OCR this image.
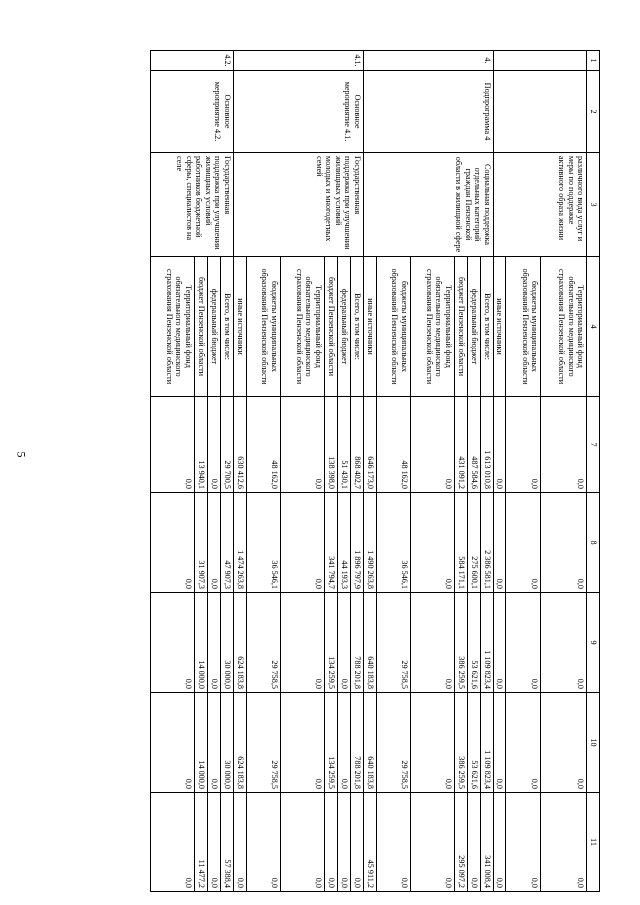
5
1	2	3	4	7	8	9	10	11
		различного вида услуг и меры по поддержке активного образа жизни	Территориальный фонд обязательного медицинского страхования Пензенской области	0,0	0,0	0,0	0,0	0,0
			бюджеты муниципальных образований Пензенской области	0,0	0,0	0,0	0,0	0,0
			иные источники	0,0	0,0	0,0	0,0	0,0
4.	Подпрограмма 4	Социальная поддержка отдельных категорий граждан Пензенской области в жилищной сфере	Всего, в том числе:	1 613 010,8	2 386 581,1	1 109 823,4	1 109 823,4	341 008,4
			федеральный бюджет	487 584,6	275 600,1	53 621,6	53 621,6	0,0
			бюджет Пензенской области	431 091,2	584 171,1	386 259,5	386 259,5	295 097,2
			Территориальный фонд обязательного медицинского страхования Пензенской области	0,0	0,0	0,0	0,0	0,0
			бюджеты муниципальных образований Пензенской области	48 162,0	36 546,1	29 758,5	29 758,5	0,0
			иные источники	646 173,0	1 490 263,8	640 183,8	640 183,8	45 911,2
4.1.	Основное мероприятие 4.1.	Государственная поддержка при улучшении жилищных условий молодых и многодетных семей	Всего, в том числе:	868 402,7	1 896 797,9	788 201,8	788 201,8	0,0
			федеральный бюджет	51 430,1	44 193,3	0,0	0,0	0,0
			бюджет Пензенской области	138 398,0	341 794,7	134 259,5	134 259,5	0,0
			Территориальный фонд обязательного медицинского страхования Пензенской области	0,0	0,0	0,0	0,0	0,0
			бюджеты муниципальных образований Пензенской области	48 162,0	36 546,1	29 758,5	29 758,5	0,0
			иные источники	630 412,6	1 474 263,8	624 183,8	624 183,8	0,0
4.2.	Основное мероприятие 4.2.	Государственная поддержка при улучшении жилищных условий работников бюджетной сферы, специалистов на селе	Всего, в том числе:	29 700,5	47 907,3	30 000,0	30 000,0	57 388,4
			федеральный бюджет	0,0	0,0	0,0	0,0	0,0
			бюджет Пензенской области	13 940,1	31 907,3	14 000,0	14 000,0	11 477,2
			Территориальный фонд обязательного медицинского страхования Пензенской области	0,0	0,0	0,0	0,0	0,0
